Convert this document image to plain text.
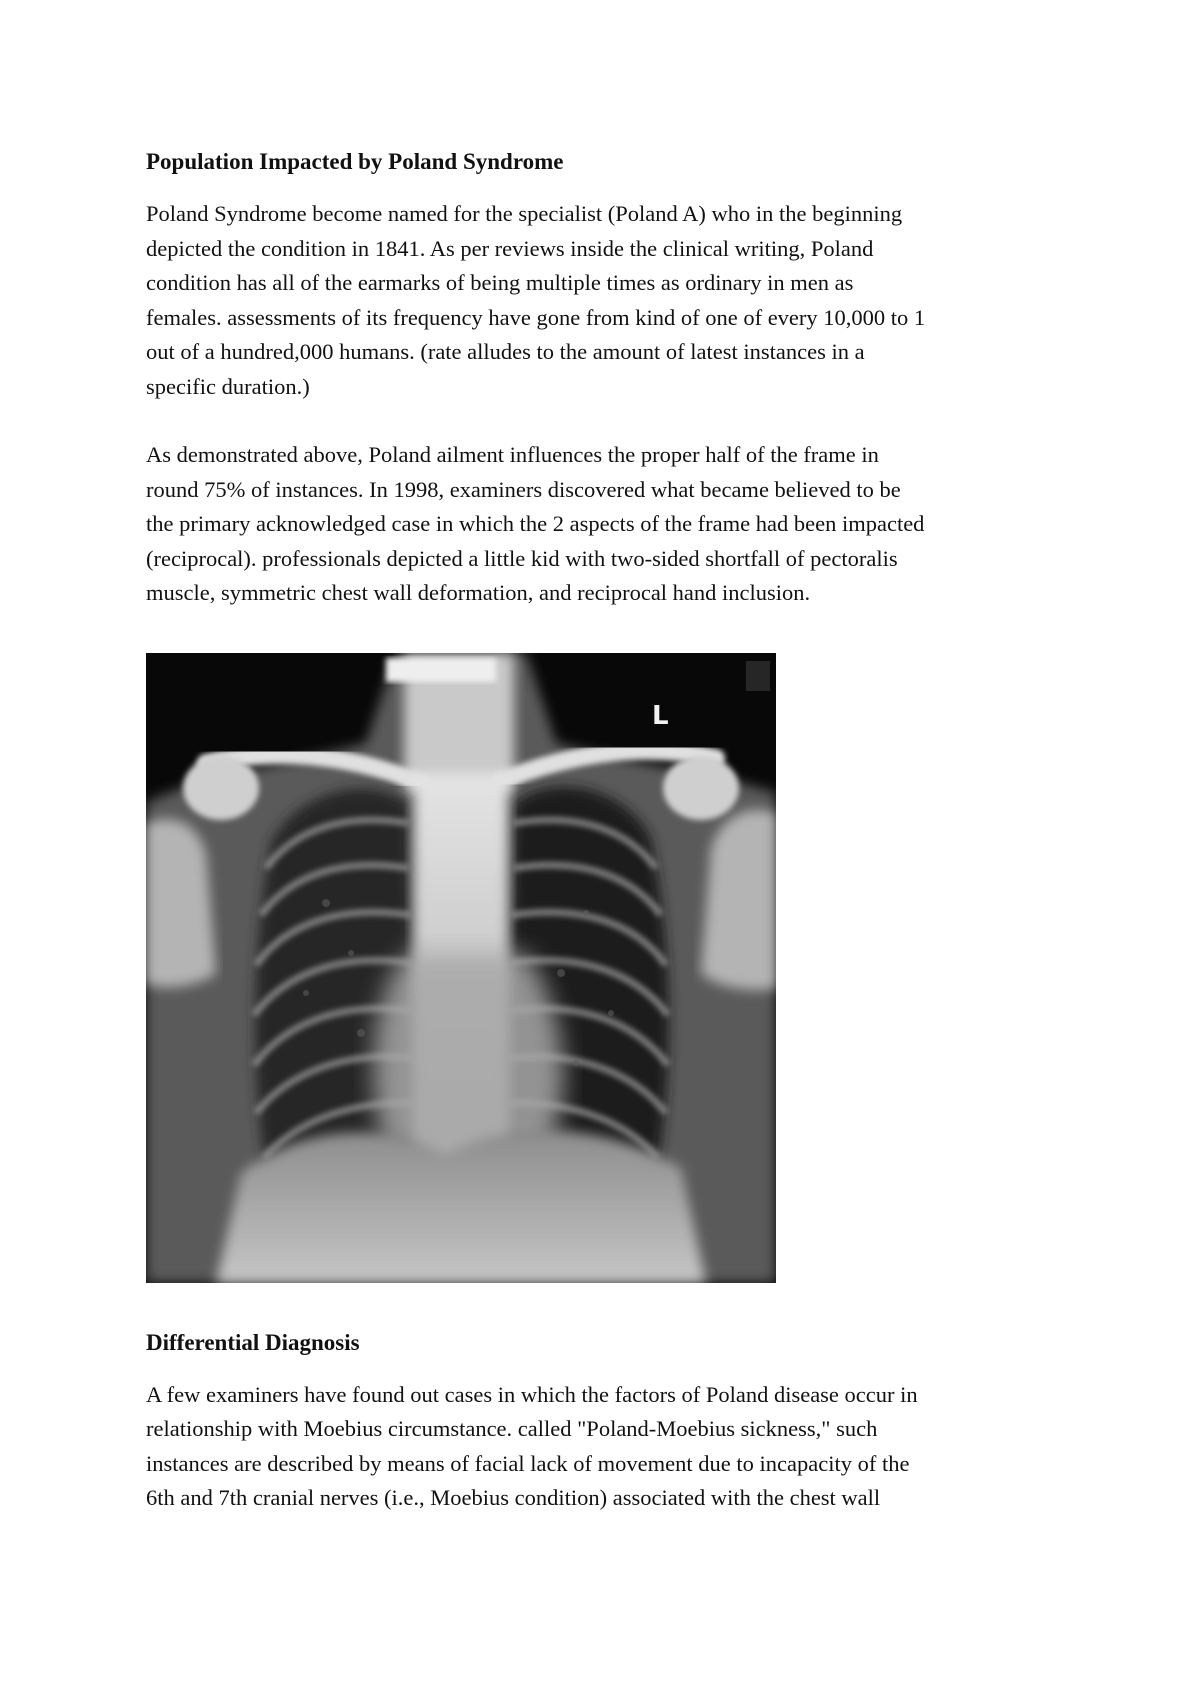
Population Impacted by Poland Syndrome

Poland Syndrome become named for the specialist (Poland A) who in the beginning
depicted the condition in 1841. As per reviews inside the clinical writing, Poland
condition has all of the earmarks of being multiple times as ordinary in men as
females. assessments of its frequency have gone from kind of one of every 10,000 to 1
out of a hundred,000 humans. (rate alludes to the amount of latest instances in a
specific duration.)

As demonstrated above, Poland ailment influences the proper half of the frame in
round 75% of instances. In 1998, examiners discovered what became believed to be
the primary acknowledged case in which the 2 aspects of the frame had been impacted
(reciprocal). professionals depicted a little kid with two-sided shortfall of pectoralis
muscle, symmetric chest wall deformation, and reciprocal hand inclusion.

L

Differential Diagnosis

A few examiners have found out cases in which the factors of Poland disease occur in
relationship with Moebius circumstance. called "Poland-Moebius sickness," such
instances are described by means of facial lack of movement due to incapacity of the
6th and 7th cranial nerves (i.e., Moebius condition) associated with the chest wall
